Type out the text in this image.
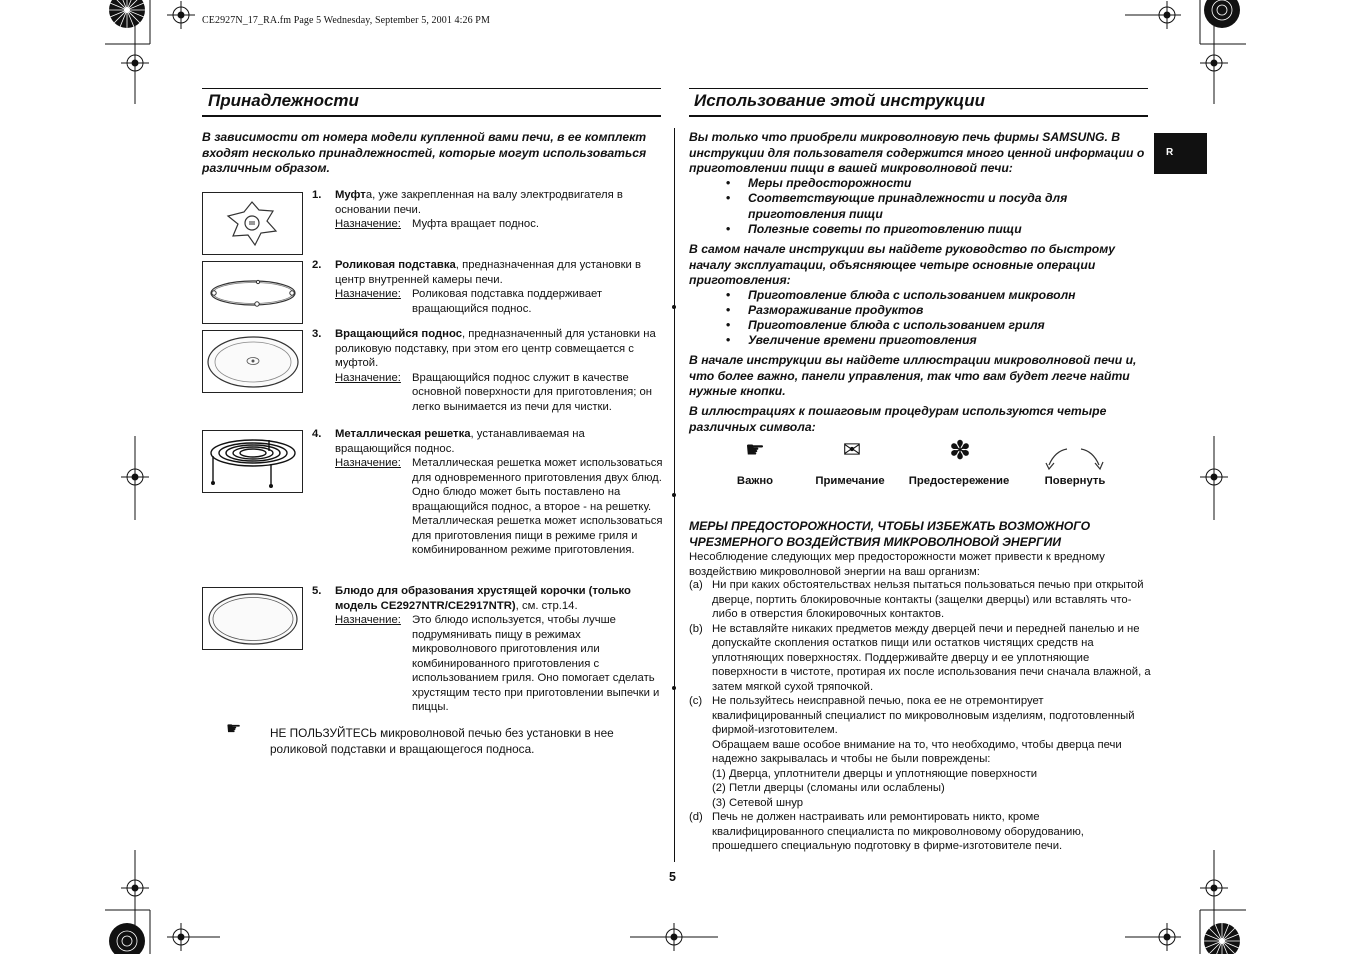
CE2927N_17_RA.fm Page 5 Wednesday, September 5, 2001 4:26 PM
R
Принадлежности
В зависимости от номера модели купленной вами печи, в ее комплект входят несколько принадлежностей, которые могут использоваться различным образом.
1. Муфта, уже закрепленная на валу электродвигателя в основании печи.
Назначение: Муфта вращает поднос.
2. Роликовая подставка, предназначенная для установки в центр внутренней камеры печи.
Назначение: Роликовая подставка поддерживает вращающийся поднос.
3. Вращающийся поднос, предназначенный для установки на роликовую подставку, при этом его центр совмещается с муфтой.
Назначение: Вращающийся поднос служит в качестве основной поверхности для приготовления; он легко вынимается из печи для чистки.
4. Металлическая решетка, устанавливаемая на вращающийся поднос.
Назначение: Металлическая решетка может использоваться для одновременного приготовления двух блюд. Одно блюдо может быть поставлено на вращающийся поднос, а второе - на решетку. Металлическая решетка может использоваться для приготовления пищи в режиме гриля и комбинированном режиме приготовления.
5. Блюдо для образования хрустящей корочки (только модель CE2927NTR/CE2917NTR), см. стр.14.
Назначение: Это блюдо используется, чтобы лучше подрумянивать пищу в режимах микроволнового приготовления или комбинированного приготовления с использованием гриля. Оно помогает сделать хрустящим тесто при приготовлении выпечки и пиццы.
☛ НЕ ПОЛЬЗУЙТЕСЬ микроволновой печью без установки в нее роликовой подставки и вращающегося подноса.
Использование этой инструкции
Вы только что приобрели микроволновую печь фирмы SAMSUNG. В инструкции для пользователя содержится много ценной информации о приготовлении пищи в вашей микроволновой печи:
• Меры предосторожности
• Соответствующие принадлежности и посуда для
приготовления пищи
• Полезные советы по приготовлению пищи
В самом начале инструкции вы найдете руководство по быстрому началу эксплуатации, объясняющее четыре основные операции приготовления:
• Приготовление блюда с использованием микроволн
• Размораживание продуктов
• Приготовление блюда с использованием гриля
• Увеличение времени приготовления
В начале инструкции вы найдете иллюстрации микроволновой печи и, что более важно, панели управления, так что вам будет легче найти нужные кнопки.
В иллюстрациях к пошаговым процедурам используются четыре различных символа:
☛	✉	✽
Важно	Примечание	Предостережение	Повернуть
МЕРЫ ПРЕДОСТОРОЖНОСТИ, ЧТОБЫ ИЗБЕЖАТЬ ВОЗМОЖНОГО ЧРЕЗМЕРНОГО ВОЗДЕЙСТВИЯ МИКРОВОЛНОВОЙ ЭНЕРГИИ
Несоблюдение следующих мер предосторожности может привести к вредному воздействию микроволновой энергии на ваш организм:
(a) Ни при каких обстоятельствах нельзя пытаться пользоваться печью при открытой дверце, портить блокировочные контакты (защелки дверцы) или вставлять что-либо в отверстия блокировочных контактов.
(b) Не вставляйте никаких предметов между дверцей печи и передней панелью и не допускайте скопления остатков пищи или остатков чистящих средств на уплотняющих поверхностях. Поддерживайте дверцу и ее уплотняющие поверхности в чистоте, протирая их после использования печи сначала влажной, а затем мягкой сухой тряпочкой.
(c) Не пользуйтесь неисправной печью, пока ее не отремонтирует квалифицированный специалист по микроволновым изделиям, подготовленный фирмой-изготовителем.
Обращаем ваше особое внимание на то, что необходимо, чтобы дверца печи надежно закрывалась и чтобы не были повреждены:
(1) Дверца, уплотнители дверцы и уплотняющие поверхности
(2) Петли дверцы (сломаны или ослаблены)
(3) Сетевой шнур
(d) Печь не должен настраивать или ремонтировать никто, кроме квалифицированного специалиста по микроволновому оборудованию, прошедшего специальную подготовку в фирме-изготовителе печи.
5
